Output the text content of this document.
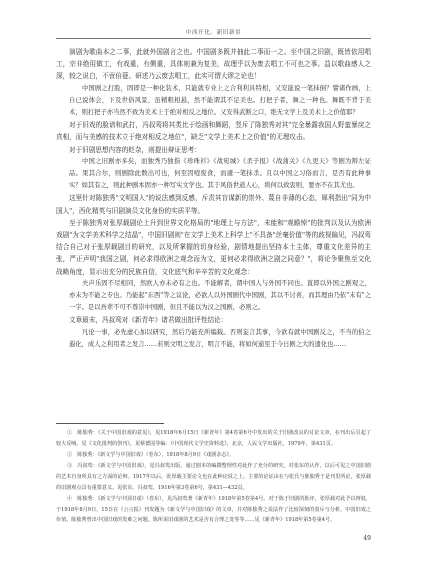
中西开化、新旧新景

演剧为歌曲本之二事，此就外国剧言之也。中国剧多既并抽此二事而一之。至中国之旧剧，既皆依用唱工，宗非绝用做工，有戏重，有侧重，具体则兼为复美，故理乎以为废去唱工不可也之事。益以歌曲感人之深，较之说白，不啻倍蓰。研述乃云废去唱工，此实可谓大谬之论也！

中国剧之打脸，固即是一种化装术，只能就专业上之合利利具特相，又安能说一笔抹倒？譬诸作画，上自已说体会，下及世俗风景，虽精粗相悬，然不能谓其不足美也。打把子者，舞之一种也。舞既不背于美术，则打把子亦当然不致为美术上于绝对相反之地位。又安得武断之口，绝无文学上及美术上之价值耶？

对于旧戏的脸谱和武打，冯叔鸾将其类比于绘画和舞蹈，竖斥了陈独秀对其"完全暴露我国人野蛮暴戾之真相，而与美感的技术立于绝对相反之地位"，缺乏"文学上美术上之价值"的无理攻击。

对于旧剧思想内容的贬杂，则提出辩证思考：

中国之旧剧亦多矣，而独秀乃独指《珍珠衫》《战宛城》《杀子报》《战蒲关》《九更天》等剧为辩左证品。果其合尔，则剧除此数出可也，何至因噎废食，而遽一笔抹杀。且以中国之习俗而言，是否有此种事实？如其有之，则此种剧本固亦一种写实文学也。其于风俗世道人心，将何以致衷则，要亦不在其尤也。

这里针对陈独秀"文明国人"的说法感到反感，斥责其盲谋新的崇外、蔑自非薄的心态，犀利指出"同为中国人"，西化精英与旧剧演员文化身份的实质平等。

至于陈独秀对张厚载剧论上升到世界文化格局的"地理上与方法"，未能和"观瞻悼"的批判以及认为欧洲戏剧"为文学美术科学之结晶"，中国旧剧则"在文学上美术上科学上"不具备"丝毫价值"等的歧视偏见，冯叔鸾结合自己对于张厚载剧目的研究，以及所掌握的切身经验，剧情地提出坚持本土主体，尊重文化差异的主张，严正声明"我国之剧，何必求得欧洲之观念而为文，更何必求得欧洲之剧之同意？"，将论争聚焦至文化战略角度，显示出充分的民族自信，文化底气和辛辛苦的文化观念：

夫声乐固不尽相同，然欧人亦未必有之也。不能解者，谓中国人与外国不同也。直即以外国之剧观之，亦未为不能之专也。乃能起"东西"等之议论，必欲人以外国剧代中国剧，其以不讨喜，而其理由乃依"未有"之一字。是以吾辈不可不尊崇中国剧，但且不能以为汉之国剧，必则之。

文章最末，冯叔鸾对《新青年》诸君做出批评性结论：

凡论一事，必先虚心加以研究，然后乃能充所编载。否则妄言其事，今欲有就中国剧反之，不当的伯之遐化，成人之利用者之发言……若则文明之发言，明言不能，将如何通至于今日剧之大的遗化也……

①　陈独秀：《关于中国旧戏的意见》，见1918年6月15日《新青年》第4卷第6号中发出的关于旧剧改良的讨论文章，在刊出后引起了较大反响。见《文化批判的创刊》，见蔡德国等编：《中国现代文学史资料选》，北京，人民文学出版社，1979年，第431页。

②　陈独秀：《新文学与中国旧戏》（卷东），1918年8月9日《戏剧杂志》。

③　冯叔鸾：《新文学与中国旧戏》，见冯叔鸾出版，通过剧本的编撰整理性对此作了充分的研究。对张东的认作，以后可见之中国旧剧的艺术自身所具有之方面的论辩。1917年以后，张厚载主要论文也在此种论说之上。主要的论证由在与张氏与陈独秀于是刊里所论，张厚载的旧剧观点具有重要意义。见张东，冯叔鸾，1916年第3卷第6号，第431—432页。

④　陈独秀：《新文学与中国旧戏》（卷东），见冯叔鸾著《新青年》1918年第5卷第4号。对于陈于旧剧的批评，张厚载对此予以辩驳，于1918年8月9日，15日在《公言报》刊发题为《新文学与中国旧戏》的文章，并对陈独秀之说法作了比较深刻的驳斥与分析。中国旧戏之价值、陈独秀曾出中国旧戏的发难之问题、陈所说旧戏剧的艺术是否有合理之处等等……见《新青年》1918年第5卷第4号。

49
